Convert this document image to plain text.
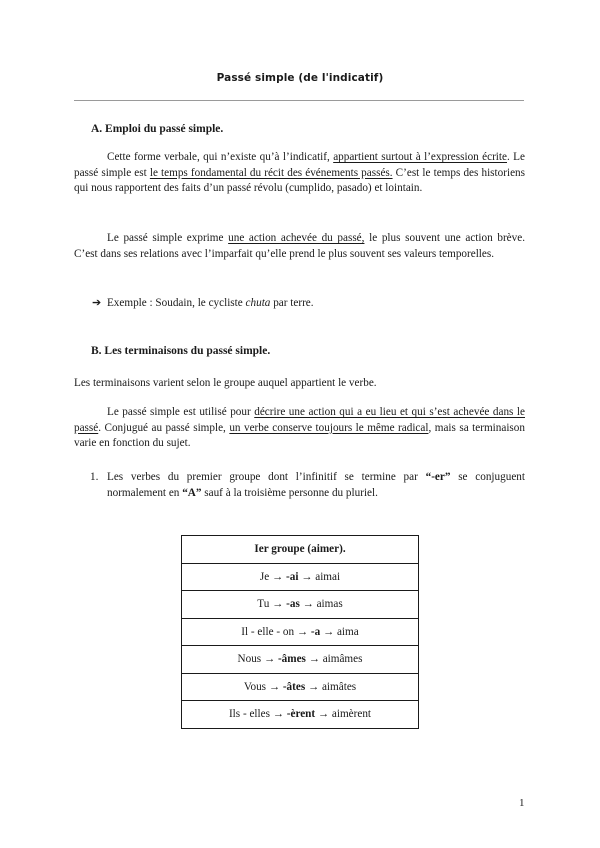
Passé simple (de l'indicatif)
A. Emploi du passé simple.

Cette forme verbale, qui n’existe qu’à l’indicatif, appartient surtout à l’expression écrite. Le passé simple est le temps fondamental du récit des événements passés. C’est le temps des historiens qui nous rapportent des faits d’un passé révolu (cumplido, pasado) et lointain.

Le passé simple exprime une action achevée du passé, le plus souvent une action brève. C’est dans ses relations avec l’imparfait qu’elle prend le plus souvent ses valeurs temporelles.

➔ Exemple : Soudain, le cycliste chuta par terre.
B. Les terminaisons du passé simple.
Les terminaisons varient selon le groupe auquel appartient le verbe.

Le passé simple est utilisé pour décrire une action qui a eu lieu et qui s’est achevée dans le passé. Conjugué au passé simple, un verbe conserve toujours le même radical, mais sa terminaison varie en fonction du sujet.

1. Les verbes du premier groupe dont l’infinitif se termine par “-er” se conjuguent normalement en “A” sauf à la troisième personne du pluriel.

Ier groupe (aimer).
Je → -ai → aimai
Tu → -as → aimas
Il - elle - on → -a → aima
Nous → -âmes → aimâmes
Vous → -âtes → aimâtes
Ils - elles → -èrent → aimèrent
1
